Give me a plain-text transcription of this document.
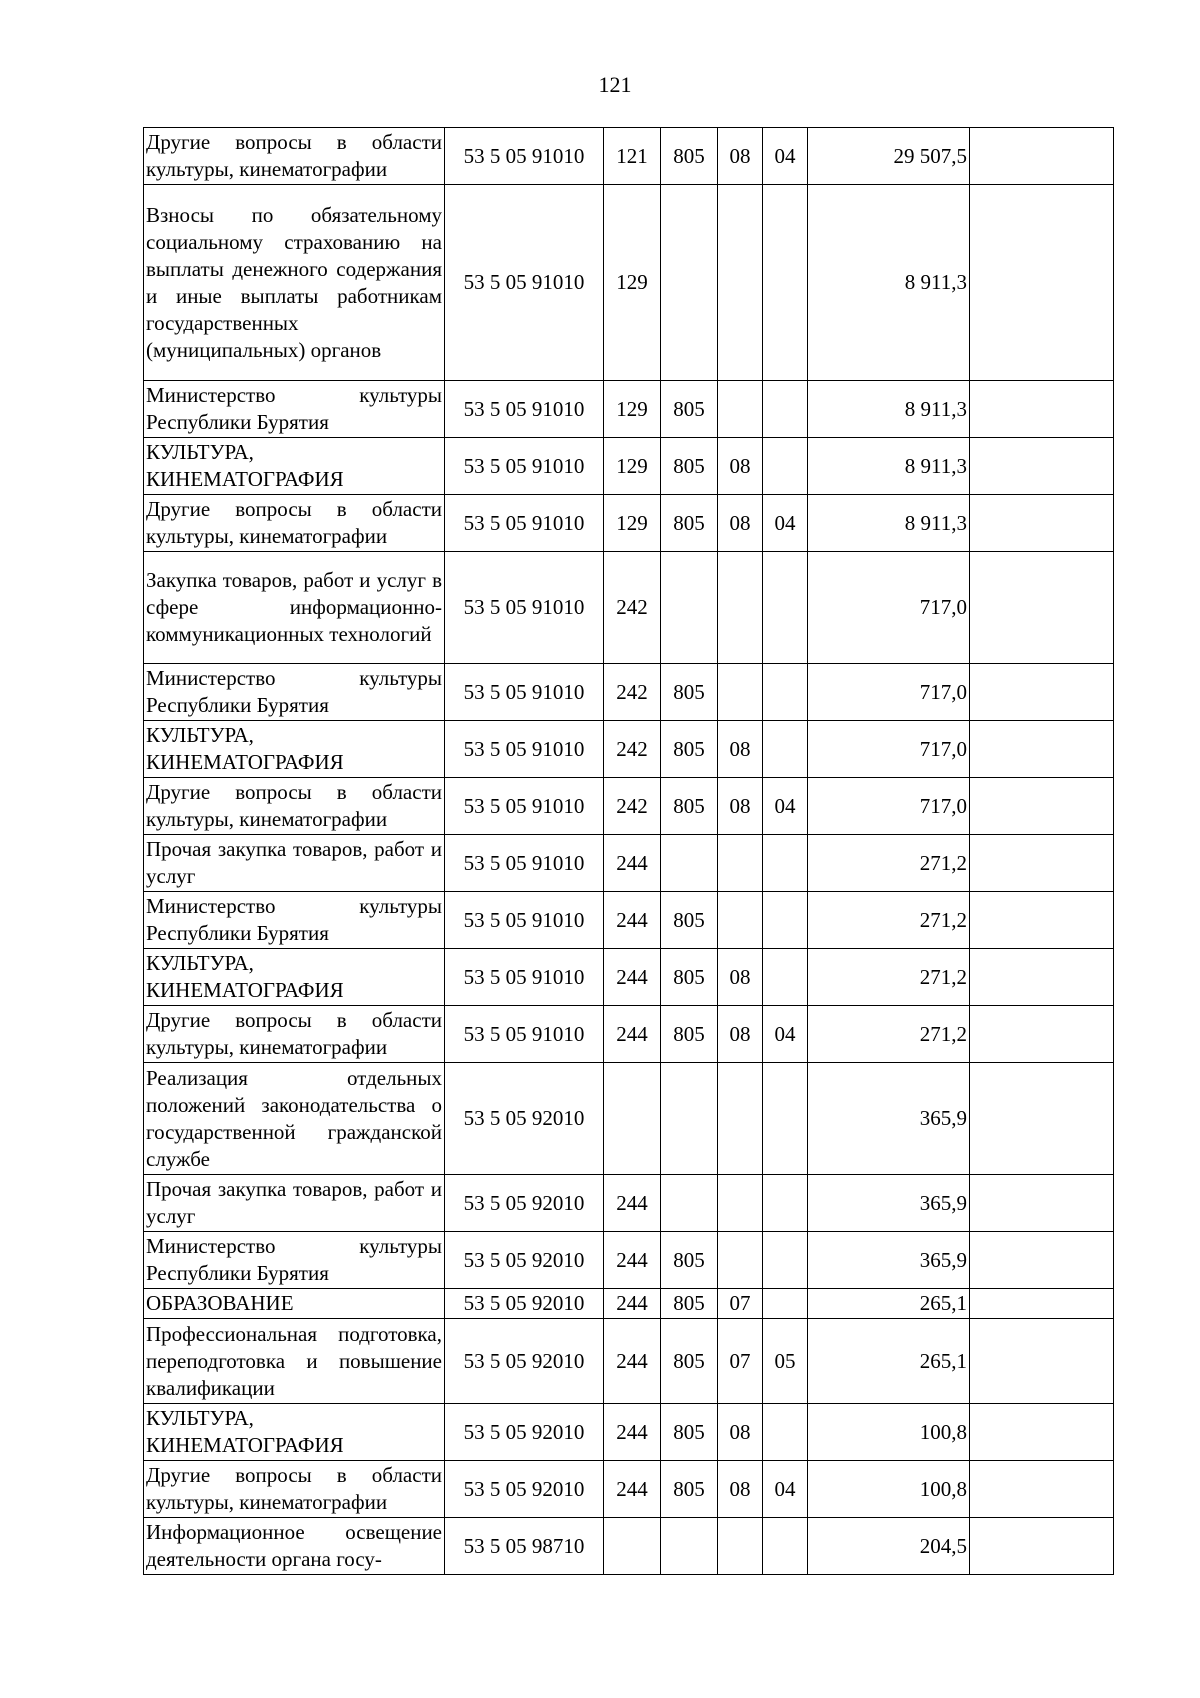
121
Другие вопросы в области культуры, кинематографии	53 5 05 91010	121	805	08	04	29 507,5	
Взносы по обязательному социальному страхованию на выплаты денежного содержания и иные выплаты работникам государственных (муниципальных) органов	53 5 05 91010	129				8 911,3	
Министерство культуры Республики Бурятия	53 5 05 91010	129	805			8 911,3	
КУЛЬТУРА, КИНЕМАТОГРАФИЯ	53 5 05 91010	129	805	08		8 911,3	
Другие вопросы в области культуры, кинематографии	53 5 05 91010	129	805	08	04	8 911,3	
Закупка товаров, работ и услуг в сфере информационно-коммуникационных технологий	53 5 05 91010	242				717,0	
Министерство культуры Республики Бурятия	53 5 05 91010	242	805			717,0	
КУЛЬТУРА, КИНЕМАТОГРАФИЯ	53 5 05 91010	242	805	08		717,0	
Другие вопросы в области культуры, кинематографии	53 5 05 91010	242	805	08	04	717,0	
Прочая закупка товаров, работ и услуг	53 5 05 91010	244				271,2	
Министерство культуры Республики Бурятия	53 5 05 91010	244	805			271,2	
КУЛЬТУРА, КИНЕМАТОГРАФИЯ	53 5 05 91010	244	805	08		271,2	
Другие вопросы в области культуры, кинематографии	53 5 05 91010	244	805	08	04	271,2	
Реализация отдельных положений законодательства о государственной гражданской службе	53 5 05 92010					365,9	
Прочая закупка товаров, работ и услуг	53 5 05 92010	244				365,9	
Министерство культуры Республики Бурятия	53 5 05 92010	244	805			365,9	
ОБРАЗОВАНИЕ	53 5 05 92010	244	805	07		265,1	
Профессиональная подготовка, переподготовка и повышение квалификации	53 5 05 92010	244	805	07	05	265,1	
КУЛЬТУРА, КИНЕМАТОГРАФИЯ	53 5 05 92010	244	805	08		100,8	
Другие вопросы в области культуры, кинематографии	53 5 05 92010	244	805	08	04	100,8	
Информационное освещение деятельности органа госу-	53 5 05 98710					204,5	
